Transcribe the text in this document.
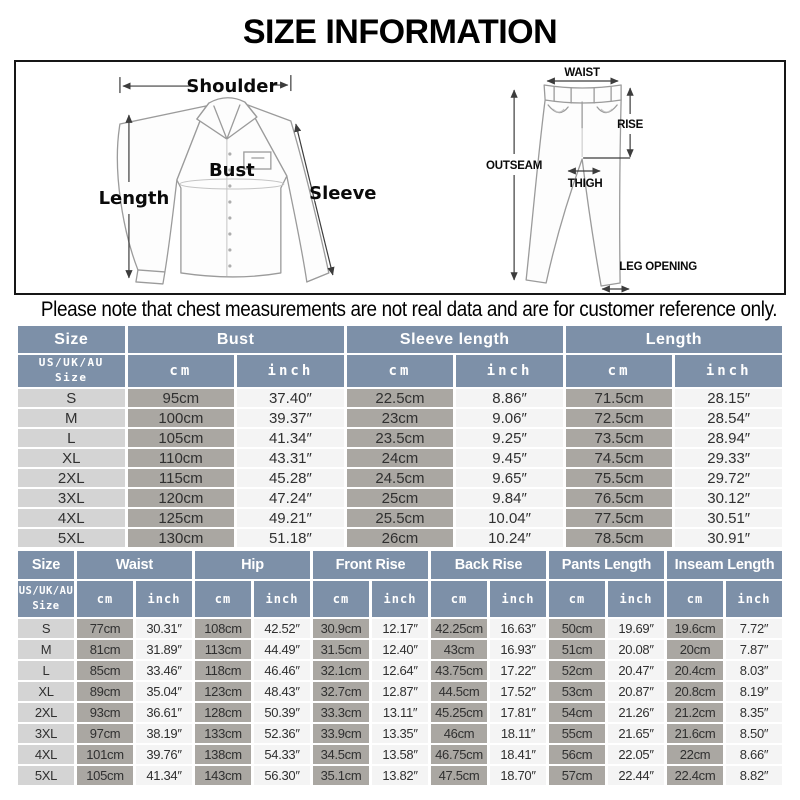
SIZE INFORMATION
Shoulder
Length
Bust
Sleeve
WAIST
RISE
OUTSEAM
THIGH
LEG OPENING

Please note that chest measurements are not real data and are for customer reference only.

Size	Bust		Sleeve length		Length	

US/UK/AU
Size	cm	inch	cm	inch	cm	inch
S	95cm	37.40″	22.5cm	8.86″	71.5cm	28.15″
M	100cm	39.37″	23cm	9.06″	72.5cm	28.54″
L	105cm	41.34″	23.5cm	9.25″	73.5cm	28.94″
XL	110cm	43.31″	24cm	9.45″	74.5cm	29.33″
2XL	115cm	45.28″	24.5cm	9.65″	75.5cm	29.72″
3XL	120cm	47.24″	25cm	9.84″	76.5cm	30.12″
4XL	125cm	49.21″	25.5cm	10.04″	77.5cm	30.51″
5XL	130cm	51.18″	26cm	10.24″	78.5cm	30.91″
Size	Waist		Hip		Front Rise		Back Rise		Pants Length		Inseam Length	

US/UK/AU
Size	cm	inch	cm	inch	cm	inch	cm	inch	cm	inch	cm	inch
S	77cm	30.31″	108cm	42.52″	30.9cm	12.17″	42.25cm	16.63″	50cm	19.69″	19.6cm	7.72″
M	81cm	31.89″	113cm	44.49″	31.5cm	12.40″	43cm	16.93″	51cm	20.08″	20cm	7.87″
L	85cm	33.46″	118cm	46.46″	32.1cm	12.64″	43.75cm	17.22″	52cm	20.47″	20.4cm	8.03″
XL	89cm	35.04″	123cm	48.43″	32.7cm	12.87″	44.5cm	17.52″	53cm	20.87″	20.8cm	8.19″
2XL	93cm	36.61″	128cm	50.39″	33.3cm	13.11″	45.25cm	17.81″	54cm	21.26″	21.2cm	8.35″
3XL	97cm	38.19″	133cm	52.36″	33.9cm	13.35″	46cm	18.11″	55cm	21.65″	21.6cm	8.50″
4XL	101cm	39.76″	138cm	54.33″	34.5cm	13.58″	46.75cm	18.41″	56cm	22.05″	22cm	8.66″
5XL	105cm	41.34″	143cm	56.30″	35.1cm	13.82″	47.5cm	18.70″	57cm	22.44″	22.4cm	8.82″
